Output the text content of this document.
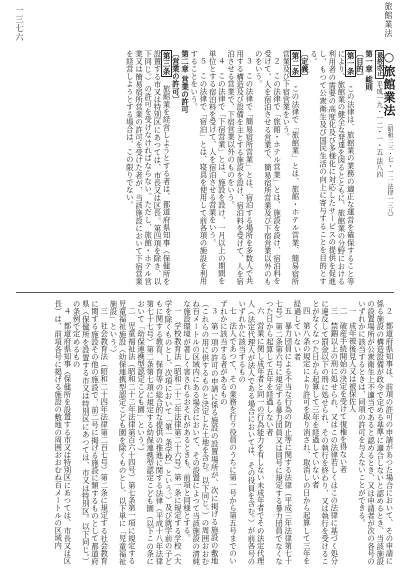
旅館業法
一三七六
○旅館業法 （昭和二三・七・一二 法律一三八）
最終改正 平成一九・一二・一・五 法八四

第一章 総則

〔目的〕

第一条　この法律は、旅館業の業務の適正な運営を確保すること等により、旅館業の健全な発達を図るとともに、旅館業の分野における利用者の需要の高度化及び多様化に対応したサービスの提供を促進し、もつて公衆衛生及び国民生活の向上に寄与することを目的とする。

〔定義〕

第二条　この法律で「旅館業」とは、旅館・ホテル営業、簡易宿所営業及び下宿営業をいう。

２　この法律で「旅館・ホテル営業」とは、施設を設け、宿泊料を受けて、人を宿泊させる営業で、簡易宿所営業及び下宿営業以外のものをいう。

３　この法律で「簡易宿所営業」とは、宿泊する場所を多数人で共用する構造及び設備を主とする施設を設け、宿泊料を受けて、人を宿泊させる営業で、下宿営業以外のものをいう。

４　この法律で「下宿営業」とは、施設を設け、一月以上の期間を単位とする宿泊料を受けて、人を宿泊させる営業をいう。

５　この法律で「宿泊」とは、寝具を使用して前各項の施設を利用することをいう。

第二章 営業の許可

〔営業の許可〕

第三条　旅館業を経営しようとする者は、都道府県知事（保健所を設置する市又は特別区にあつては、市長又は区長。第四項を除き、以下同じ。）の許可を受けなければならない。ただし、旅館・ホテル営業又は簡易宿所営業の許可を受けた者が、当該施設において下宿営業を経営しようとする場合は、この限りでない。

２　都道府県知事は、前項の許可の申請があつた場合において、その申請に係る施設の構造設備が政令で定める基準に適合しないと認めるとき、当該施設の設置場所が公衆衛生上不適当であると認めるとき、又は申請者が次の各号のいずれかに該当するときは、同項の許可を与えないことができる。

一　成年被後見人又は被保佐人

二　破産手続開始の決定を受けて復権を得ない者

三　禁錮以上の刑に処せられ、又はこの法律若しくはこの法律に基づく処分に違反して罰金以下の刑に処せられ、その執行を終わり、又は執行を受けることがなくなつた日から起算して三年を経過していない者

四　第八条の規定により許可を取り消され、取消しの日から起算して三年を経過していない者

五　暴力団員による不当な行為の防止等に関する法律（平成三年法律第七十七号）第二条第六号に規定する暴力団員又は同号に規定する暴力団員でなくなつた日から起算して五年を経過しない者

六　営業に関し成年者と同一の行為能力を有しない未成年者でその法定代理人（法定代理人が法人である場合においては、その役員を含む。）が前各号のいずれかに該当するもの

七　法人であつて、その業務を行う役員のうちに第一号から第五号までのいずれかに該当する者があるもの

３　第一項の許可の申請に係る施設の設置場所が、次に掲げる施設の敷地（これらの用に供するものと決定した土地を含む。以下同じ。）の周囲おおむね百メートルの区域内にある場合において、その設置によつて当該施設の清純な施設環境が著しく害されるおそれがあるときも、前項と同様とする。

一　学校教育法（昭和二十二年法律第二十六号）第一条に規定する学校（大学を除くものとし、次項において「第一条学校」という。）及び就学前の子どもに関する教育、保育等の総合的な提供の推進に関する法律（平成十八年法律第七十七号）第二条第七項に規定する幼保連携型認定こども園（以下この条において「幼保連携型認定こども園」という。）

二　児童福祉法（昭和二十二年法律第百六十四号）第七条第一項に規定する児童福祉施設（幼保連携型認定こども園を除くものとし、以下単に「児童福祉施設」という。）

三　社会教育法（昭和二十四年法律第二百七号）第二条に規定する社会教育に関する施設その他の施設で、前二号に掲げる施設に類するものとして都道府県（保健所を設置する市又は特別区にあつては、市又は特別区。以下同じ。）の条例で定めるもの

４　都道府県知事（保健所を設置する市又は特別区にあつては、市長又は区長）は、前項各号に掲げる施設の敷地の周囲おおむね百メートルの区域内
